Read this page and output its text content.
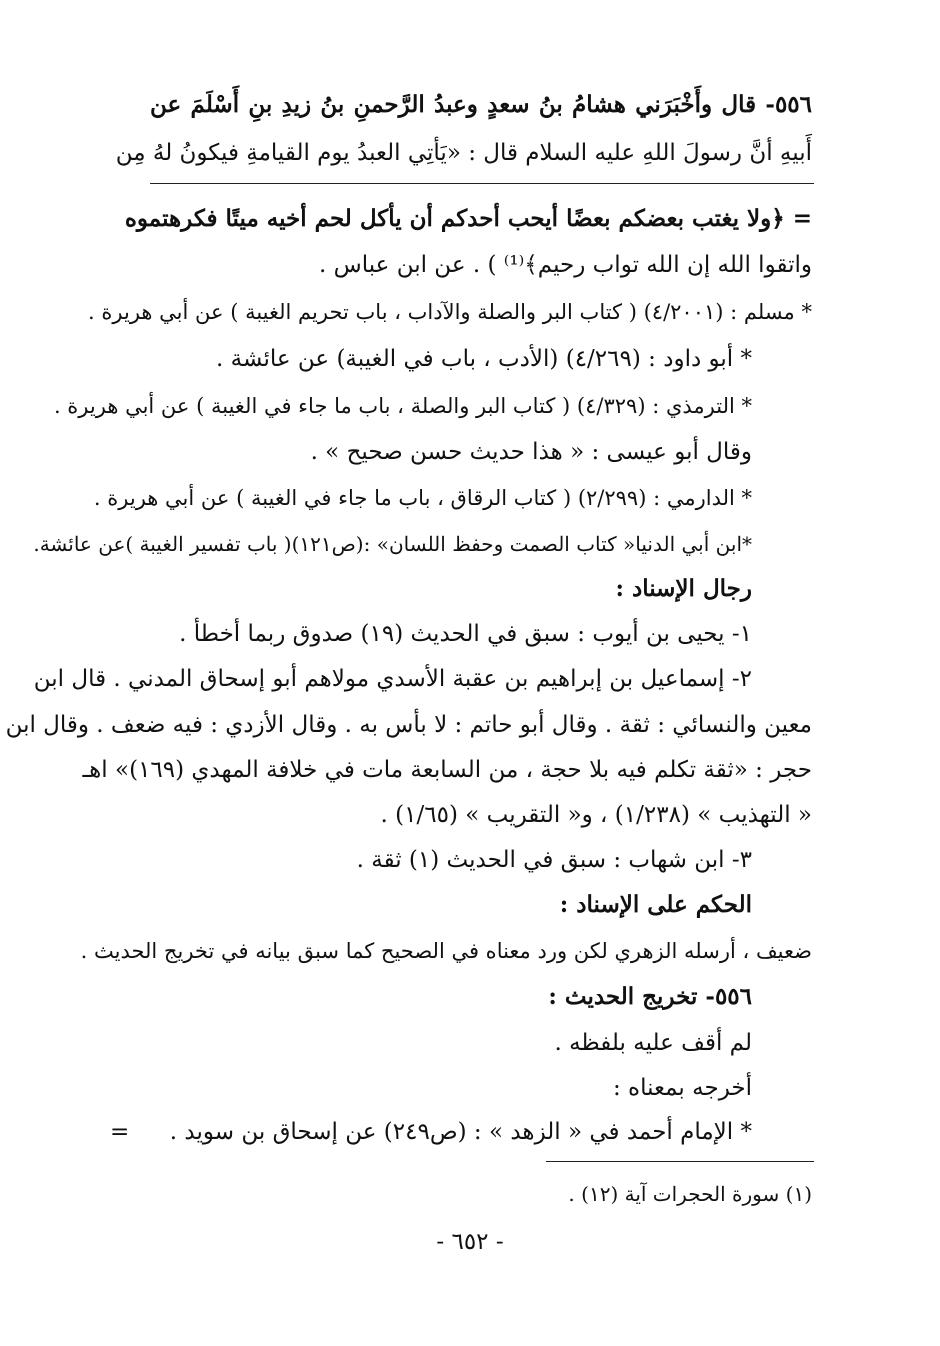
٥٥٦- قال وأَخْبَرَني هشامُ بنُ سعدٍ وعبدُ الرَّحمنِ بنُ زيدِ بنِ أَسْلَمَ عن
أَبيهِ أنَّ رسولَ اللهِ عليه السلام قال : «يَأتِي العبدُ يوم القيامةِ فيكونُ لهُ مِن
= ﴿ولا يغتب بعضكم بعضًا أيحب أحدكم أن يأكل لحم أخيه ميتًا فكرهتموه
واتقوا الله إن الله تواب رحيم﴾⁽¹⁾ ) . عن ابن عباس .
* مسلم : (٤/٢٠٠١) ( كتاب البر والصلة والآداب ، باب تحريم الغيبة ) عن أبي هريرة .
* أبو داود : (٤/٢٦٩) (الأدب ، باب في الغيبة) عن عائشة .
* الترمذي : (٤/٣٢٩) ( كتاب البر والصلة ، باب ما جاء في الغيبة ) عن أبي هريرة .
وقال أبو عيسى : « هذا حديث حسن صحيح » .
* الدارمي : (٢/٢٩٩) ( كتاب الرقاق ، باب ما جاء في الغيبة ) عن أبي هريرة .
*ابن أبي الدنيا« كتاب الصمت وحفظ اللسان» :(ص١٢١)( باب تفسير الغيبة )عن عائشة.
رجال الإسناد :
١- يحيى بن أيوب : سبق في الحديث (١٩) صدوق ربما أخطأ .
٢- إسماعيل بن إبراهيم بن عقبة الأسدي مولاهم أبو إسحاق المدني . قال ابن
معين والنسائي : ثقة . وقال أبو حاتم : لا بأس به . وقال الأزدي : فيه ضعف . وقال ابن
حجر : «ثقة تكلم فيه بلا حجة ، من السابعة مات في خلافة المهدي (١٦٩)» اهـ
« التهذيب » (١/٢٣٨) ، و« التقريب » (١/٦٥) .
٣- ابن شهاب : سبق في الحديث (١) ثقة .
الحكم على الإسناد :
ضعيف ، أرسله الزهري لكن ورد معناه في الصحيح كما سبق بيانه في تخريج الحديث .
٥٥٦- تخريج الحديث :
لم أقف عليه بلفظه .
أخرجه بمعناه :
* الإمام أحمد في « الزهد » : (ص٢٤٩) عن إسحاق بن سويد .
=
(١) سورة الحجرات آية (١٢) .
- ٦٥٢ -
